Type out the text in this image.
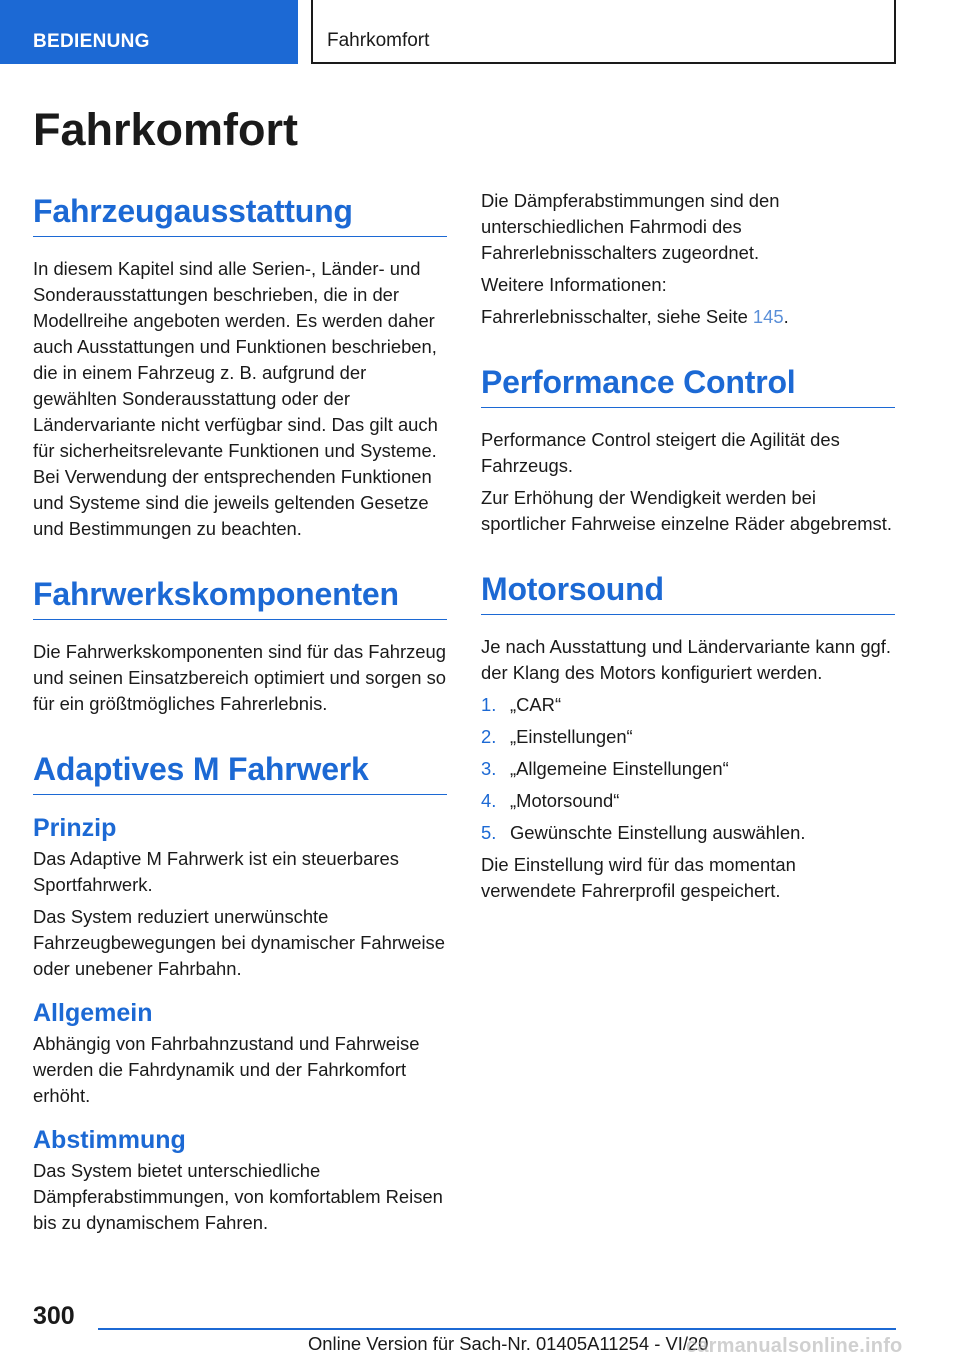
BEDIENUNG	Fahrkomfort
Fahrkomfort
Fahrzeugausstattung

In diesem Kapitel sind alle Serien-, Länder- und Sonderausstattungen beschrieben, die in der Modellreihe angeboten werden. Es werden daher auch Ausstattungen und Funktionen beschrieben, die in einem Fahrzeug z. B. aufgrund der gewählten Sonderausstattung oder der Ländervariante nicht verfügbar sind. Das gilt auch für sicherheitsrelevante Funktionen und Systeme. Bei Verwendung der entsprechenden Funktionen und Systeme sind die jeweils geltenden Gesetze und Bestimmungen zu beachten.

Fahrwerkskomponenten

Die Fahrwerkskomponenten sind für das Fahrzeug und seinen Einsatzbereich optimiert und sorgen so für ein größtmögliches Fahrerlebnis.

Adaptives M Fahrwerk
Prinzip

Das Adaptive M Fahrwerk ist ein steuerbares Sportfahrwerk.

Das System reduziert unerwünschte Fahrzeugbewegungen bei dynamischer Fahrweise oder unebener Fahrbahn.

Allgemein

Abhängig von Fahrbahnzustand und Fahrweise werden die Fahrdynamik und der Fahrkomfort erhöht.

Abstimmung

Das System bietet unterschiedliche Dämpferabstimmungen, von komfortablem Reisen bis zu dynamischem Fahren.

Die Dämpferabstimmungen sind den unterschiedlichen Fahrmodi des Fahrerlebnisschalters zugeordnet.

Weitere Informationen:

Fahrerlebnisschalter, siehe Seite 145.

Performance Control

Performance Control steigert die Agilität des Fahrzeugs.

Zur Erhöhung der Wendigkeit werden bei sportlicher Fahrweise einzelne Räder abgebremst.

Motorsound

Je nach Ausstattung und Ländervariante kann ggf. der Klang des Motors konfiguriert werden.

1. „CAR“
2. „Einstellungen“
3. „Allgemeine Einstellungen“
4. „Motorsound“
5. Gewünschte Einstellung auswählen.

Die Einstellung wird für das momentan verwendete Fahrerprofil gespeichert.

300
Online Version für Sach-Nr. 01405A11254 - VI/20
carmanualsonline.info
